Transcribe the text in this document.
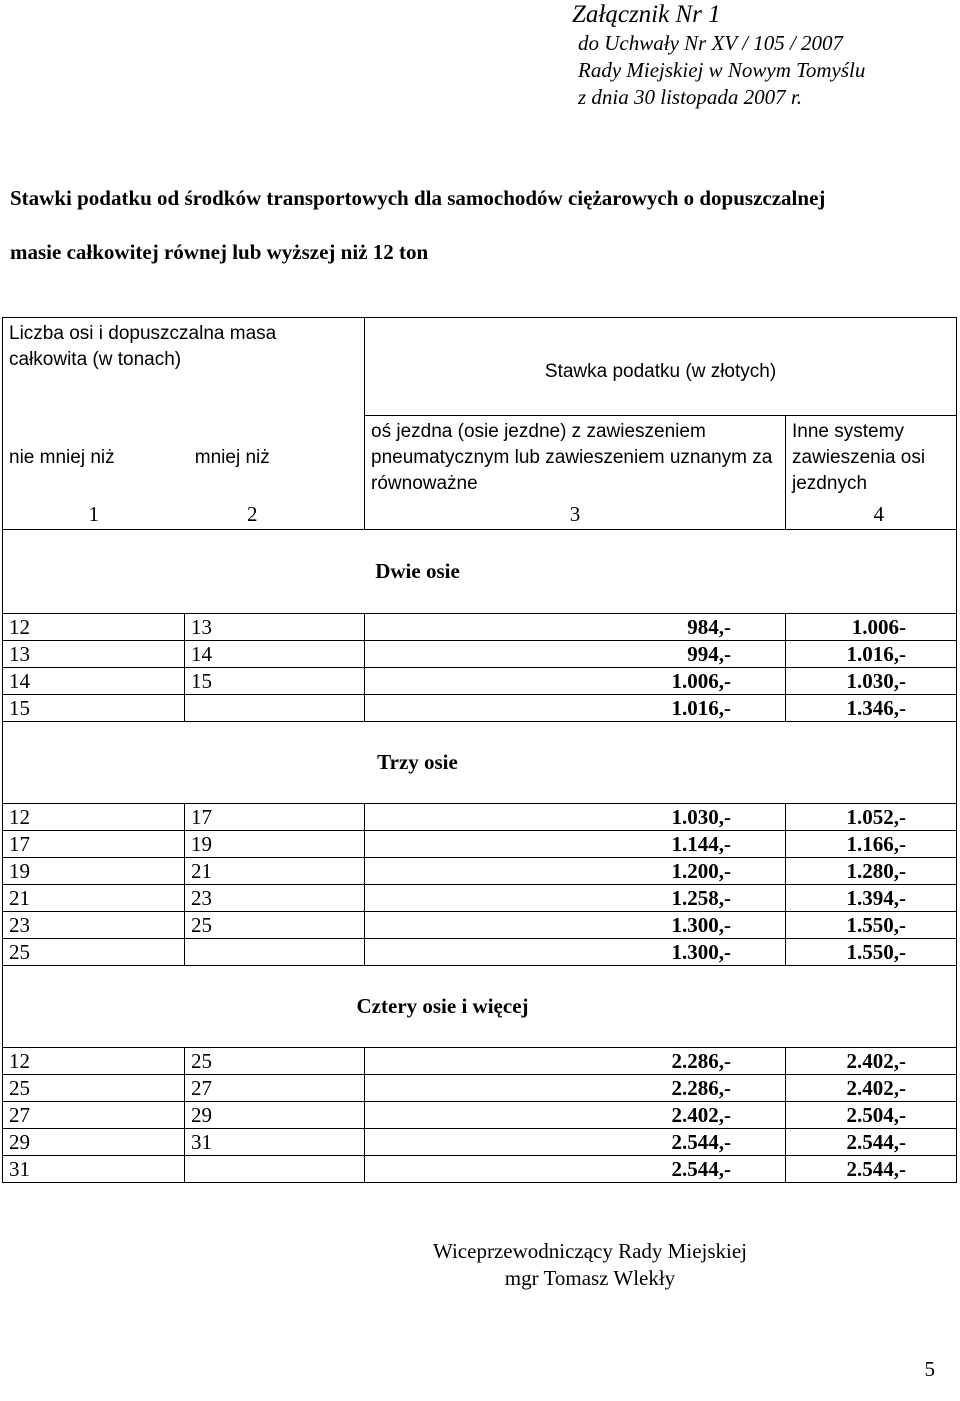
Załącznik Nr 1
do Uchwały Nr XV / 105 / 2007
Rady Miejskiej w Nowym Tomyślu
z dnia 30 listopada 2007 r.
Stawki podatku od środków transportowych dla samochodów ciężarowych o dopuszczalnej
masie całkowitej równej lub wyższej niż 12 ton
Liczba osi i dopuszczalna masa całkowita (w tonach)		Stawka podatku (w złotych)	
nie mniej niż	mniej niż	oś jezdna (osie jezdne) z zawieszeniem pneumatycznym lub zawieszeniem uznanym za równoważne	Inne systemy zawieszenia osi jezdnych
1	2	3	4
Dwie osie			
12	13	984,-	1.006-
13	14	994,-	1.016,-
14	15	1.006,-	1.030,-
15		1.016,-	1.346,-
Trzy osie			
12	17	1.030,-	1.052,-
17	19	1.144,-	1.166,-
19	21	1.200,-	1.280,-
21	23	1.258,-	1.394,-
23	25	1.300,-	1.550,-
25		1.300,-	1.550,-
Cztery osie i więcej			
12	25	2.286,-	2.402,-
25	27	2.286,-	2.402,-
27	29	2.402,-	2.504,-
29	31	2.544,-	2.544,-
31		2.544,-	2.544,-
Wiceprzewodniczący Rady Miejskiej
mgr Tomasz Wlekły
5
